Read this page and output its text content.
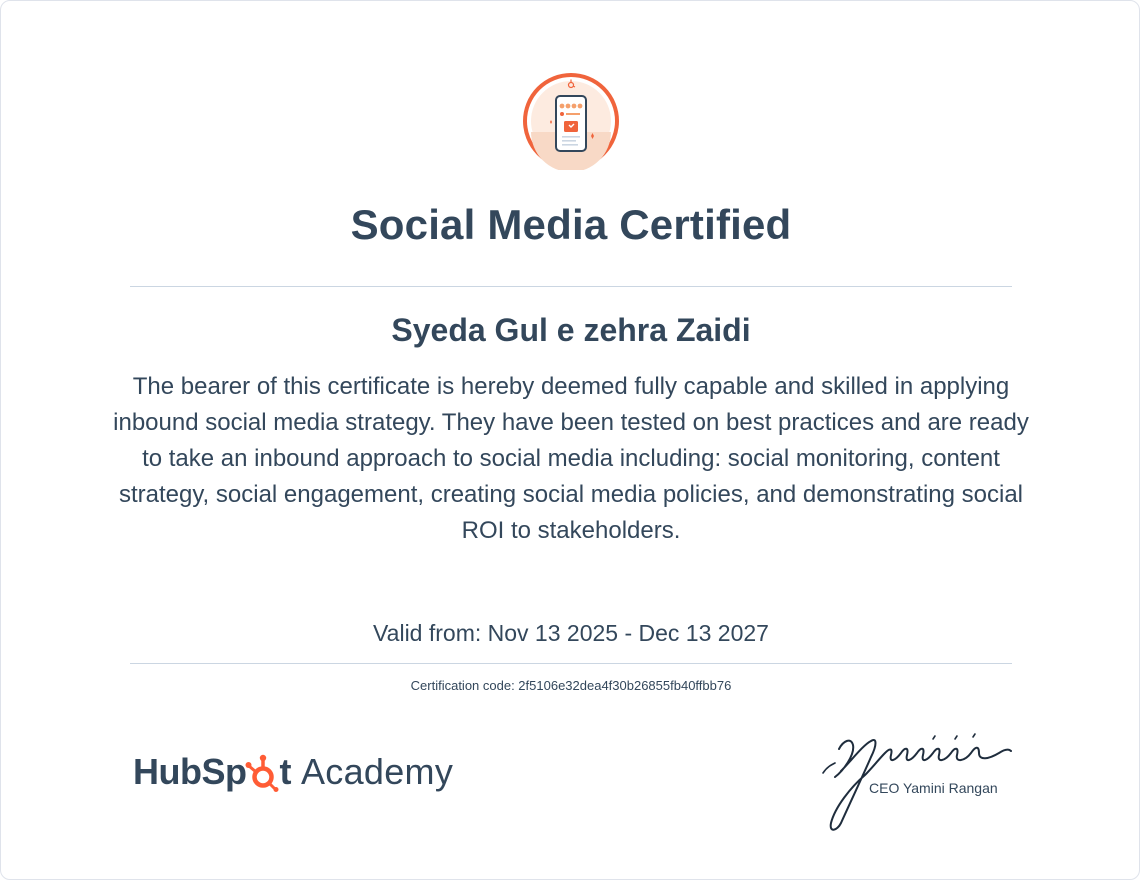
Social Media Certified
Syeda Gul e zehra Zaidi
The bearer of this certificate is hereby deemed fully capable and skilled in applying inbound social media strategy. They have been tested on best practices and are ready to take an inbound approach to social media including: social monitoring, content strategy, social engagement, creating social media policies, and demonstrating social ROI to stakeholders.
Valid from: Nov 13 2025 - Dec 13 2027
Certification code: 2f5106e32dea4f30b26855fb40ffbb76
HubSp t Academy	CEO Yamini Rangan
